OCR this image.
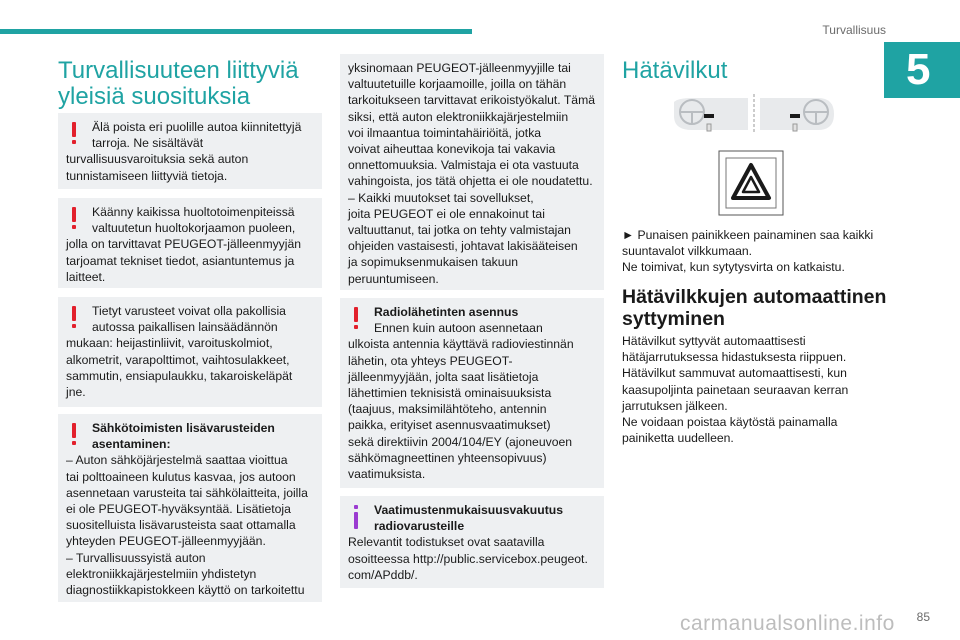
Turvallisuus
5
Turvallisuuteen liittyviä
yleisiä suosituksia
Älä poista eri puolille autoa kiinnitettyjä
tarroja. Ne sisältävät
turvallisuusvaroituksia sekä auton
tunnistamiseen liittyviä tietoja.
Käänny kaikissa huoltotoimenpiteissä
valtuutetun huoltokorjaamon puoleen,
jolla on tarvittavat PEUGEOT-jälleenmyyjän
tarjoamat tekniset tiedot, asiantuntemus ja
laitteet.
Tietyt varusteet voivat olla pakollisia
autossa paikallisen lainsäädännön
mukaan: heijastinliivit, varoituskolmiot,
alkometrit, varapolttimot, vaihtosulakkeet,
sammutin, ensiapulaukku, takaroiskeläpät
jne.
Sähkötoimisten lisävarusteiden
asentaminen:
– Auton sähköjärjestelmä saattaa vioittua
tai polttoaineen kulutus kasvaa, jos autoon
asennetaan varusteita tai sähkölaitteita, joilla
ei ole PEUGEOT-hyväksyntää. Lisätietoja
suositelluista lisävarusteista saat ottamalla
yhteyden PEUGEOT-jälleenmyyjään.
– Turvallisuussyistä auton
elektroniikkajärjestelmiin yhdistetyn
diagnostiikkapistokkeen käyttö on tarkoitettu
yksinomaan PEUGEOT-jälleenmyyjille tai
valtuutetuille korjaamoille, joilla on tähän
tarkoitukseen tarvittavat erikoistyökalut. Tämä
siksi, että auton elektroniikkajärjestelmiin
voi ilmaantua toimintahäiriöitä, jotka
voivat aiheuttaa konevikoja tai vakavia
onnettomuuksia. Valmistaja ei ota vastuuta
vahingoista, jos tätä ohjetta ei ole noudatettu.
– Kaikki muutokset tai sovellukset,
joita PEUGEOT ei ole ennakoinut tai
valtuuttanut, tai jotka on tehty valmistajan
ohjeiden vastaisesti, johtavat lakisääteisen
ja sopimuksenmukaisen takuun
peruuntumiseen.
Radiolähetinten asennus
Ennen kuin autoon asennetaan
ulkoista antennia käyttävä radioviestinnän
lähetin, ota yhteys PEUGEOT-
jälleenmyyjään, jolta saat lisätietoja
lähettimien teknisistä ominaisuuksista
(taajuus, maksimilähtöteho, antennin
paikka, erityiset asennusvaatimukset)
sekä direktiivin 2004/104/EY (ajoneuvoen
sähkömagneettinen yhteensopivuus)
vaatimuksista.
Vaatimustenmukaisuusvakuutus
radiovarusteille
Relevantit todistukset ovat saatavilla
osoitteessa http://public.servicebox.peugeot.
com/APddb/.
Hätävilkut
► Punaisen painikkeen painaminen saa kaikki
suuntavalot vilkkumaan.
Ne toimivat, kun sytytysvirta on katkaistu.
Hätävilkkujen automaattinen
syttyminen
Hätävilkut syttyvät automaattisesti
hätäjarrutuksessa hidastuksesta riippuen.
Hätävilkut sammuvat automaattisesti, kun
kaasupoljinta painetaan seuraavan kerran
jarrutuksen jälkeen.
Ne voidaan poistaa käytöstä painamalla
painiketta uudelleen.
carmanualsonline.info 85
